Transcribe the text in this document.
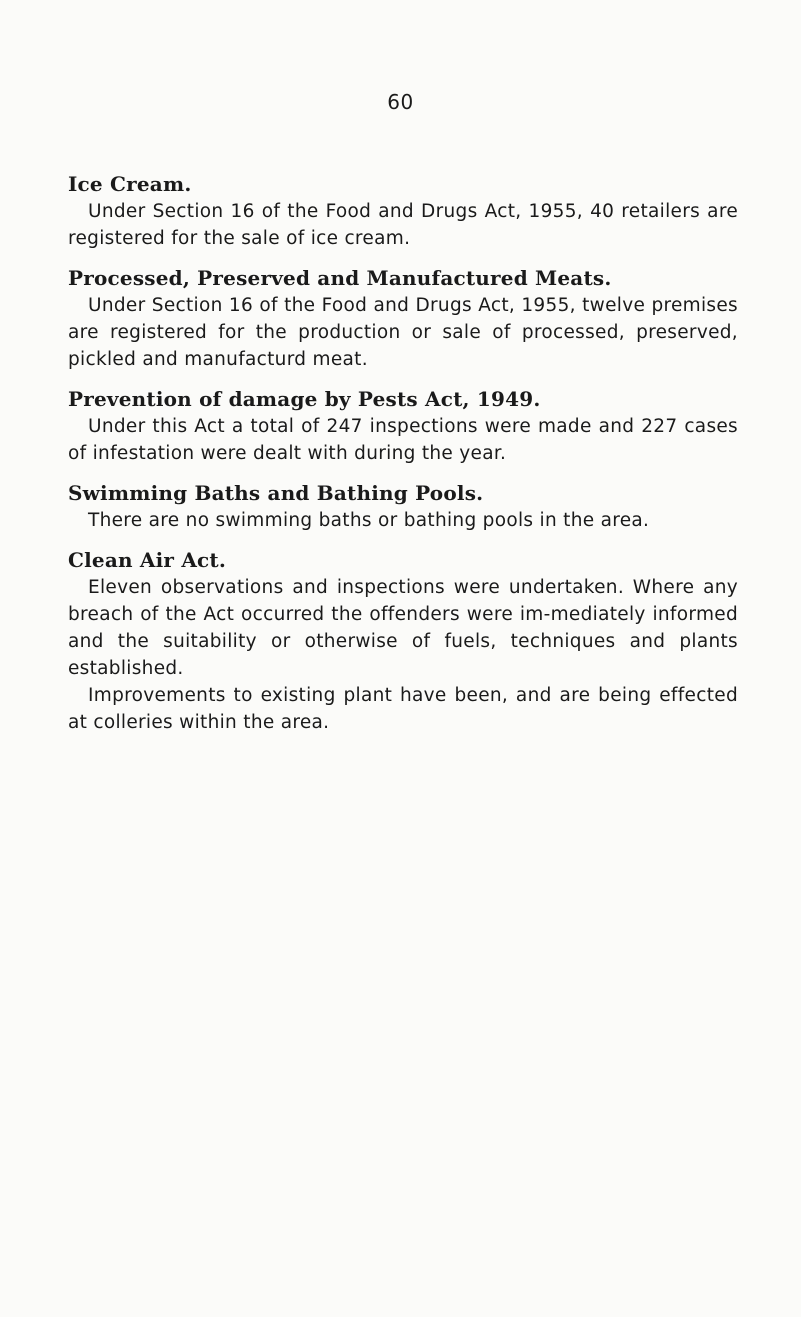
60
Ice Cream.
Under Section 16 of the Food and Drugs Act, 1955, 40 retailers are registered for the sale of ice cream.
Processed, Preserved and Manufactured Meats.
Under Section 16 of the Food and Drugs Act, 1955, twelve premises are registered for the production or sale of processed, preserved, pickled and manufacturd meat.
Prevention of damage by Pests Act, 1949.
Under this Act a total of 247 inspections were made and 227 cases of infestation were dealt with during the year.
Swimming Baths and Bathing Pools.
There are no swimming baths or bathing pools in the area.
Clean Air Act.
Eleven observations and inspections were undertaken. Where any breach of the Act occurred the offenders were im-mediately informed and the suitability or otherwise of fuels, techniques and plants established.
Improvements to existing plant have been, and are being effected at colleries within the area.
